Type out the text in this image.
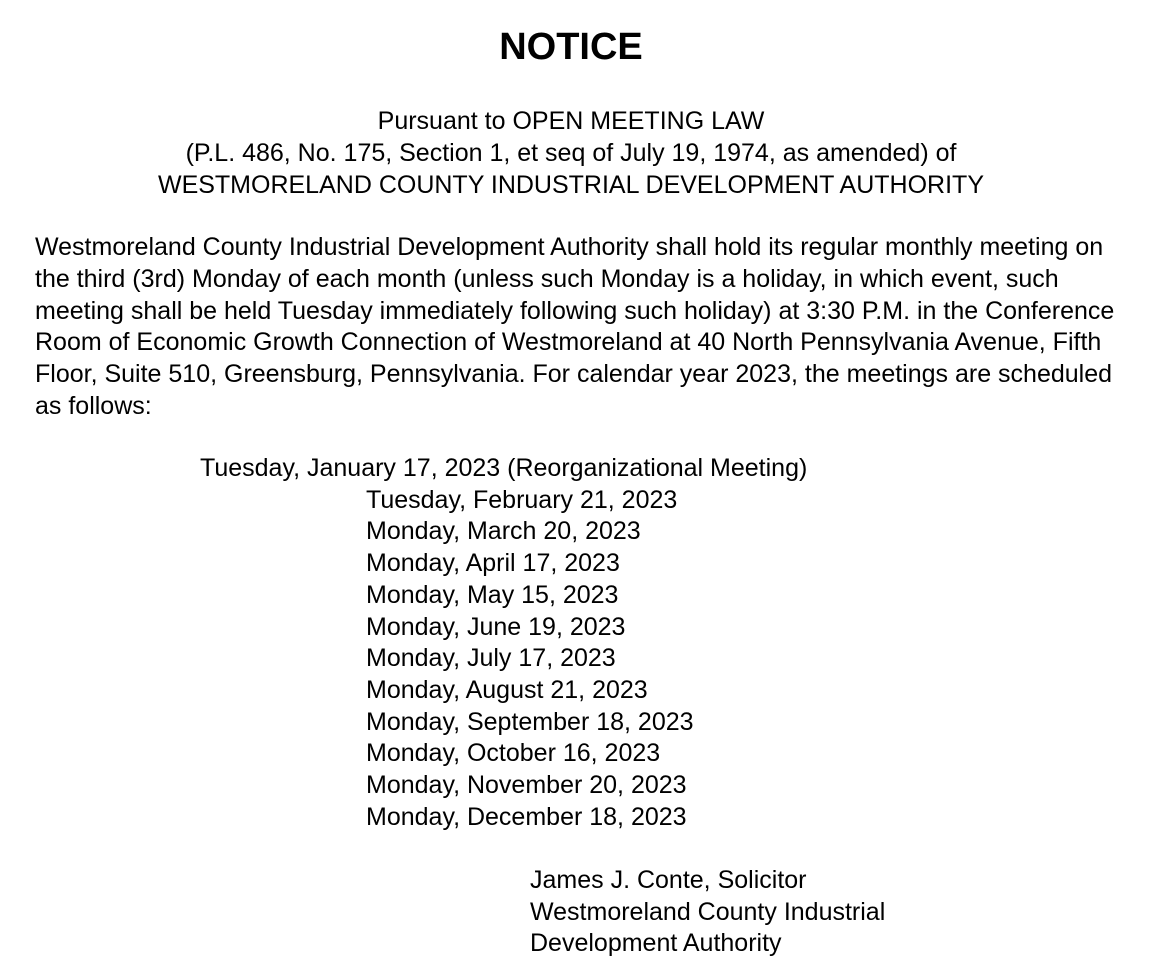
NOTICE
Pursuant to OPEN MEETING LAW
(P.L. 486, No. 175, Section 1, et seq of July 19, 1974, as amended) of
WESTMORELAND COUNTY INDUSTRIAL DEVELOPMENT AUTHORITY

Westmoreland County Industrial Development Authority shall hold its regular monthly meeting on the third (3rd) Monday of each month (unless such Monday is a holiday, in which event, such meeting shall be held Tuesday immediately following such holiday) at 3:30 P.M. in the Conference Room of Economic Growth Connection of Westmoreland at 40 North Pennsylvania Avenue, Fifth Floor, Suite 510, Greensburg, Pennsylvania. For calendar year 2023, the meetings are scheduled as follows:

Tuesday, January 17, 2023 (Reorganizational Meeting)
Tuesday, February 21, 2023
Monday, March 20, 2023
Monday, April 17, 2023
Monday, May 15, 2023
Monday, June 19, 2023
Monday, July 17, 2023
Monday, August 21, 2023
Monday, September 18, 2023
Monday, October 16, 2023
Monday, November 20, 2023
Monday, December 18, 2023
James J. Conte, Solicitor
Westmoreland County Industrial
Development Authority
